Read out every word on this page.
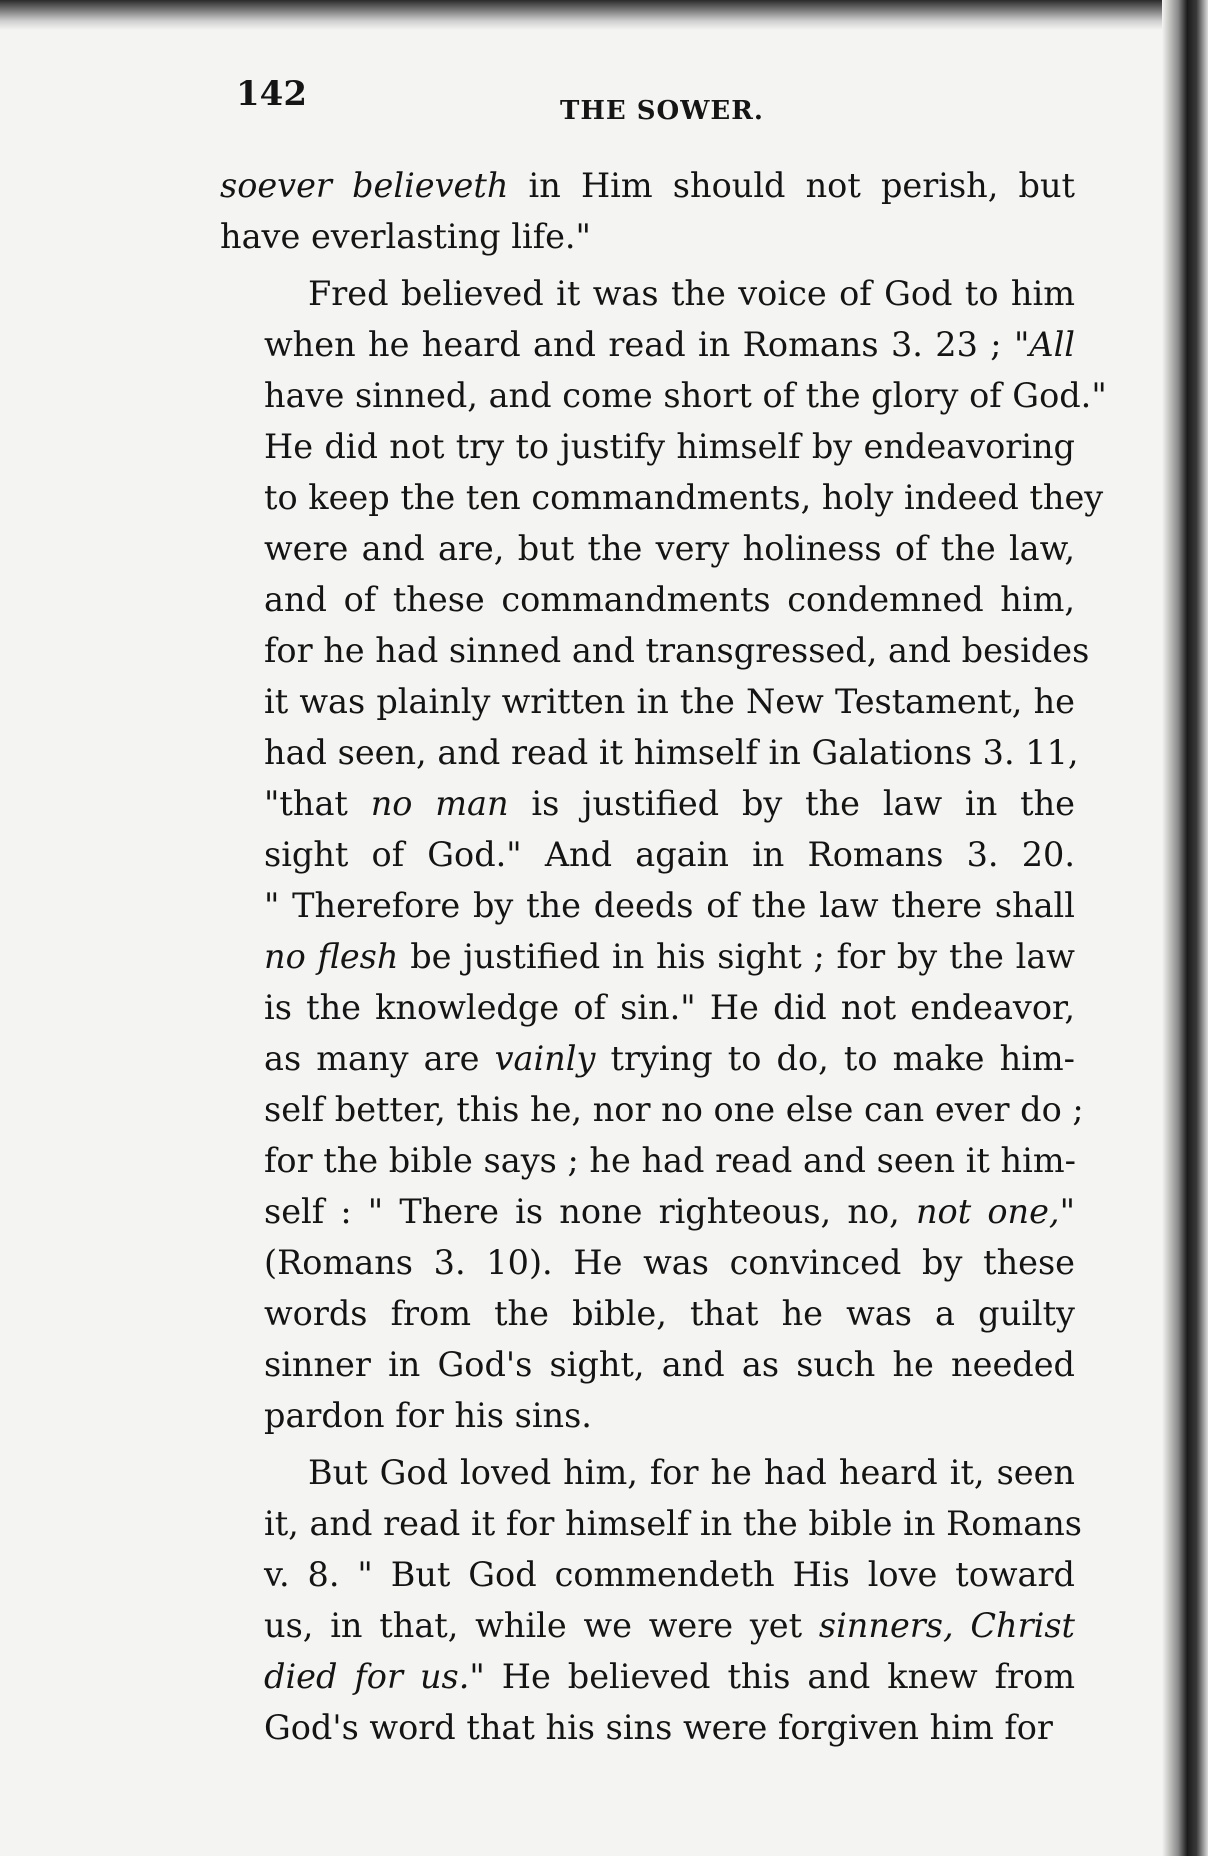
142	THE SOWER.
soever believeth in Him should not perish, but
have everlasting life."
Fred believed it was the voice of God to him
when he heard and read in Romans 3. 23 ; "All
have sinned, and come short of the glory of God."
He did not try to justify himself by endeavoring
to keep the ten commandments, holy indeed they
were and are, but the very holiness of the law,
and of these commandments condemned him,
for he had sinned and transgressed, and besides
it was plainly written in the New Testament, he
had seen, and read it himself in Galations 3. 11,
"that no man is justified by the law in the
sight of God." And again in Romans 3. 20.
" Therefore by the deeds of the law there shall
no flesh be justified in his sight ; for by the law
is the knowledge of sin." He did not endeavor,
as many are vainly trying to do, to make him-
self better, this he, nor no one else can ever do ;
for the bible says ; he had read and seen it him-
self : " There is none righteous, no, not one,"
(Romans 3. 10). He was convinced by these
words from the bible, that he was a guilty
sinner in God's sight, and as such he needed
pardon for his sins.
But God loved him, for he had heard it, seen
it, and read it for himself in the bible in Romans
v. 8. " But God commendeth His love toward
us, in that, while we were yet sinners, Christ
died for us." He believed this and knew from
God's word that his sins were forgiven him for
